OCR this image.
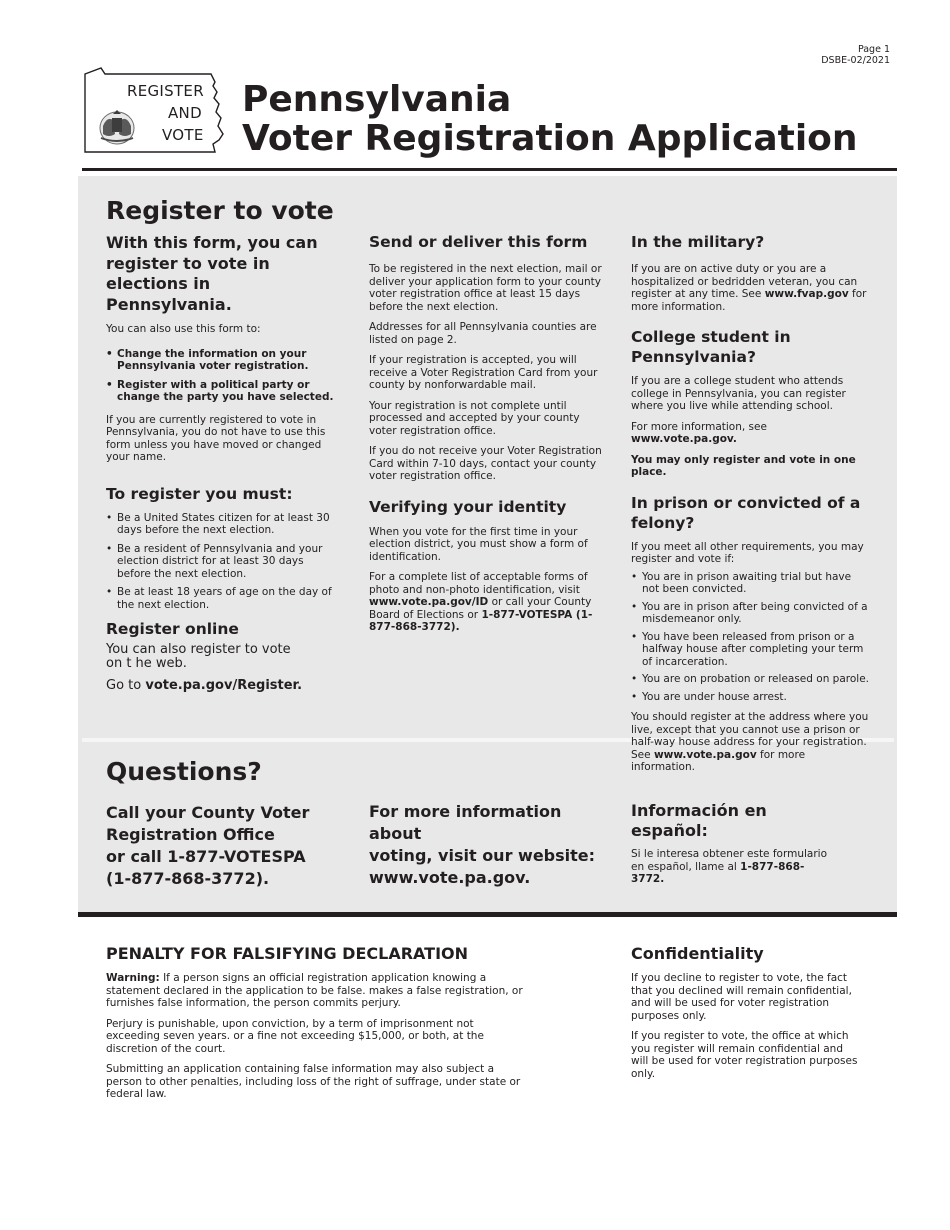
Page 1
DSBE-02/2021
REGISTER
AND
VOTE
Pennsylvania
Voter Registration Application
Register to vote
With this form, you can register to vote in elections in Pennsylvania.

You can also use this form to:

• Change the information on your Pennsylvania voter registration.
• Register with a political party or change the party you have selected.

If you are currently registered to vote in Pennsylvania, you do not have to use this form unless you have moved or changed your name.

To register you must:
• Be a United States citizen for at least 30 days before the next election.
• Be a resident of Pennsylvania and your election district for at least 30 days before the next election.
• Be at least 18 years of age on the day of the next election.
Register online

You can also register to vote on t he web.

Go to vote.pa.gov/Register.

Send or deliver this form

To be registered in the next election, mail or deliver your application form to your county voter registration office at least 15 days before the next election.

Addresses for all Pennsylvania counties are listed on page 2.

If your registration is accepted, you will receive a Voter Registration Card from your county by nonforwardable mail.

Your registration is not complete until processed and accepted by your county voter registration office.

If you do not receive your Voter Registration Card within 7-10 days, contact your county voter registration office.

Verifying your identity

When you vote for the first time in your election district, you must show a form of identification.

For a complete list of acceptable forms of photo and non-photo identification, visit www.vote.pa.gov/ID or call your County Board of Elections or 1-877-VOTESPA (1-877-868-3772).

In the military?

If you are on active duty or you are a hospitalized or bedridden veteran, you can register at any time. See www.fvap.gov for more information.

College student in Pennsylvania?

If you are a college student who attends college in Pennsylvania, you can register where you live while attending school.

For more information, see www.vote.pa.gov.

You may only register and vote in one place.

In prison or convicted of a felony?

If you meet all other requirements, you may register and vote if:

• You are in prison awaiting trial but have not been convicted.
• You are in prison after being convicted of a misdemeanor only.
• You have been released from prison or a halfway house after completing your term of incarceration.
• You are on probation or released on parole.
• You are under house arrest.

You should register at the address where you live, except that you cannot use a prison or half-way house address for your registration. See www.vote.pa.gov for more information.

Questions?
Call your County Voter
Registration Office
or call 1-877-VOTESPA
(1-877-868-3772).
For more information about
voting, visit our website:
www.vote.pa.gov.
Información en español:

Si le interesa obtener este formulario en español, llame al 1-877-868-3772.

PENALTY FOR FALSIFYING DECLARATION

Warning: If a person signs an official registration application knowing a statement declared in the application to be false. makes a false registration, or furnishes false information, the person commits perjury.

Perjury is punishable, upon conviction, by a term of imprisonment not exceeding seven years. or a fine not exceeding $15,000, or both, at the discretion of the court.

Submitting an application containing false information may also subject a person to other penalties, including loss of the right of suffrage, under state or federal law.

Confidentiality

If you decline to register to vote, the fact that you declined will remain confidential, and will be used for voter registration purposes only.

If you register to vote, the office at which you register will remain confidential and will be used for voter registration purposes only.
